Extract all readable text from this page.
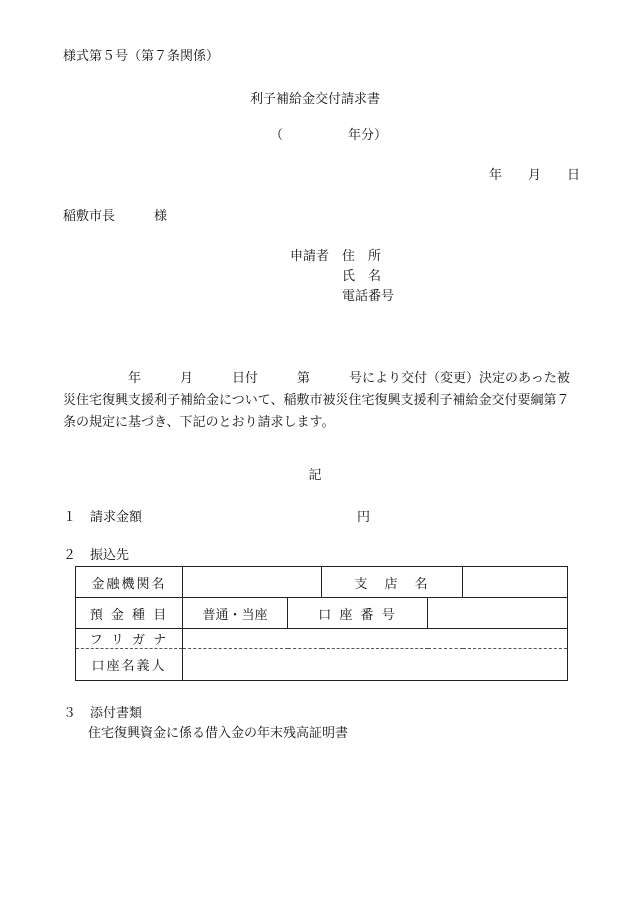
様式第５号（第７条関係）
利子補給金交付請求書
（　　　　　年分）
年　　月　　日
稲敷市長　　　様
申請者 住　所
氏　名
電話番号
　　　　　年　　　月　　　日付　　　第　　　号により交付（変更）決定のあった被
災住宅復興支援利子補給金について、稲敷市被災住宅復興支援利子補給金交付要綱第７
条の規定に基づき、下記のとおり請求します。
記
１ 請求金額	円
２ 振込先
金融機関名			支　店　名		
預 金 種 目	普通・当座	口 座 番 号			
フ リ ガ ナ					
口座名義人					
３ 添付書類
住宅復興資金に係る借入金の年末残高証明書
